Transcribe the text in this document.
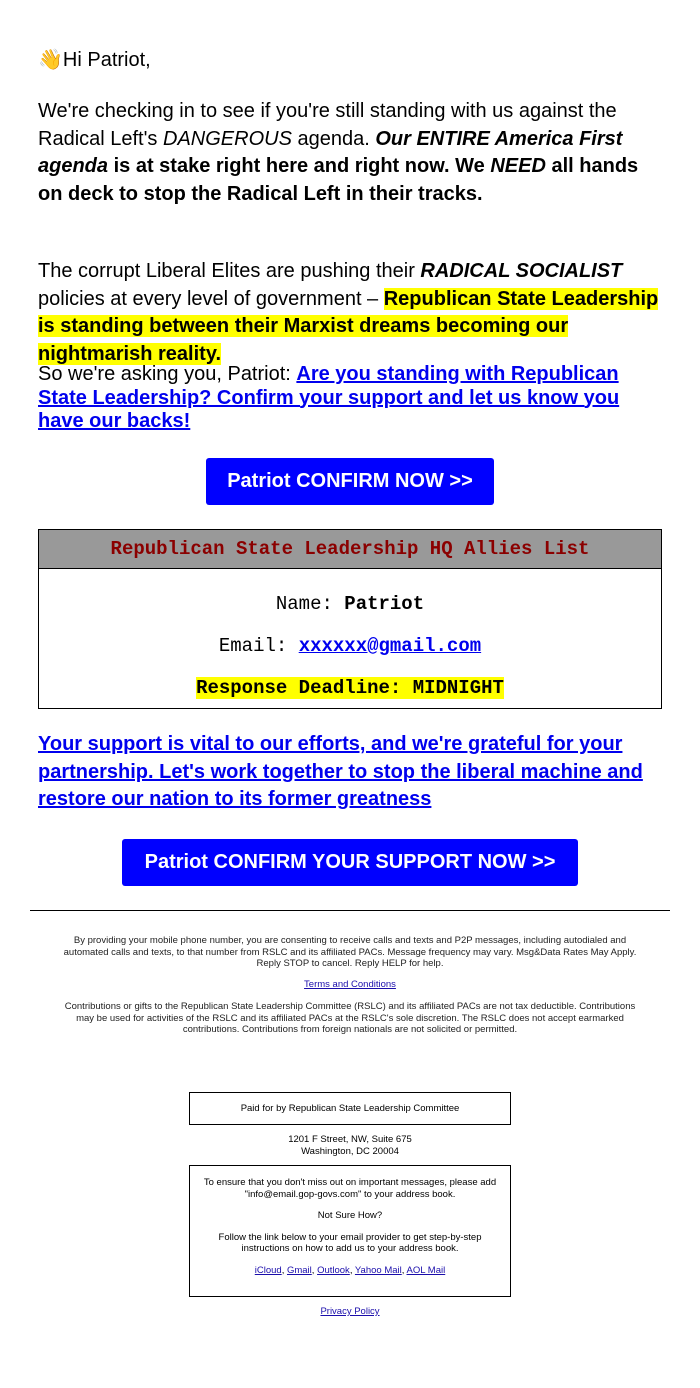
👋Hi Patriot,

We're checking in to see if you're still standing with us against the Radical Left's DANGEROUS agenda. Our ENTIRE America First agenda is at stake right here and right now. We NEED all hands on deck to stop the Radical Left in their tracks.

The corrupt Liberal Elites are pushing their RADICAL SOCIALIST policies at every level of government – Republican State Leadership is standing between their Marxist dreams becoming our nightmarish reality.

So we're asking you, Patriot: Are you standing with Republican State Leadership? Confirm your support and let us know you have our backs!

Patriot CONFIRM NOW >>
Republican State Leadership HQ Allies List
Name: Patriot
Email: xxxxxx@gmail.com
Response Deadline: MIDNIGHT

Your support is vital to our efforts, and we're grateful for your partnership. Let's work together to stop the liberal machine and restore our nation to its former greatness

Patriot CONFIRM YOUR SUPPORT NOW >>
By providing your mobile phone number, you are consenting to receive calls and texts and P2P messages, including autodialed and automated calls and texts, to that number from RSLC and its affiliated PACs. Message frequency may vary. Msg&Data Rates May Apply. Reply STOP to cancel. Reply HELP for help.
Terms and Conditions
Contributions or gifts to the Republican State Leadership Committee (RSLC) and its affiliated PACs are not tax deductible. Contributions may be used for activities of the RSLC and its affiliated PACs at the RSLC's sole discretion. The RSLC does not accept earmarked contributions. Contributions from foreign nationals are not solicited or permitted.
Paid for by Republican State Leadership Committee
1201 F Street, NW, Suite 675
Washington, DC 20004
To ensure that you don't miss out on important messages, please add "info@email.gop-govs.com" to your address book.
Not Sure How?
Follow the link below to your email provider to get step-by-step instructions on how to add us to your address book.
iCloud, Gmail, Outlook, Yahoo Mail, AOL Mail
Privacy Policy
